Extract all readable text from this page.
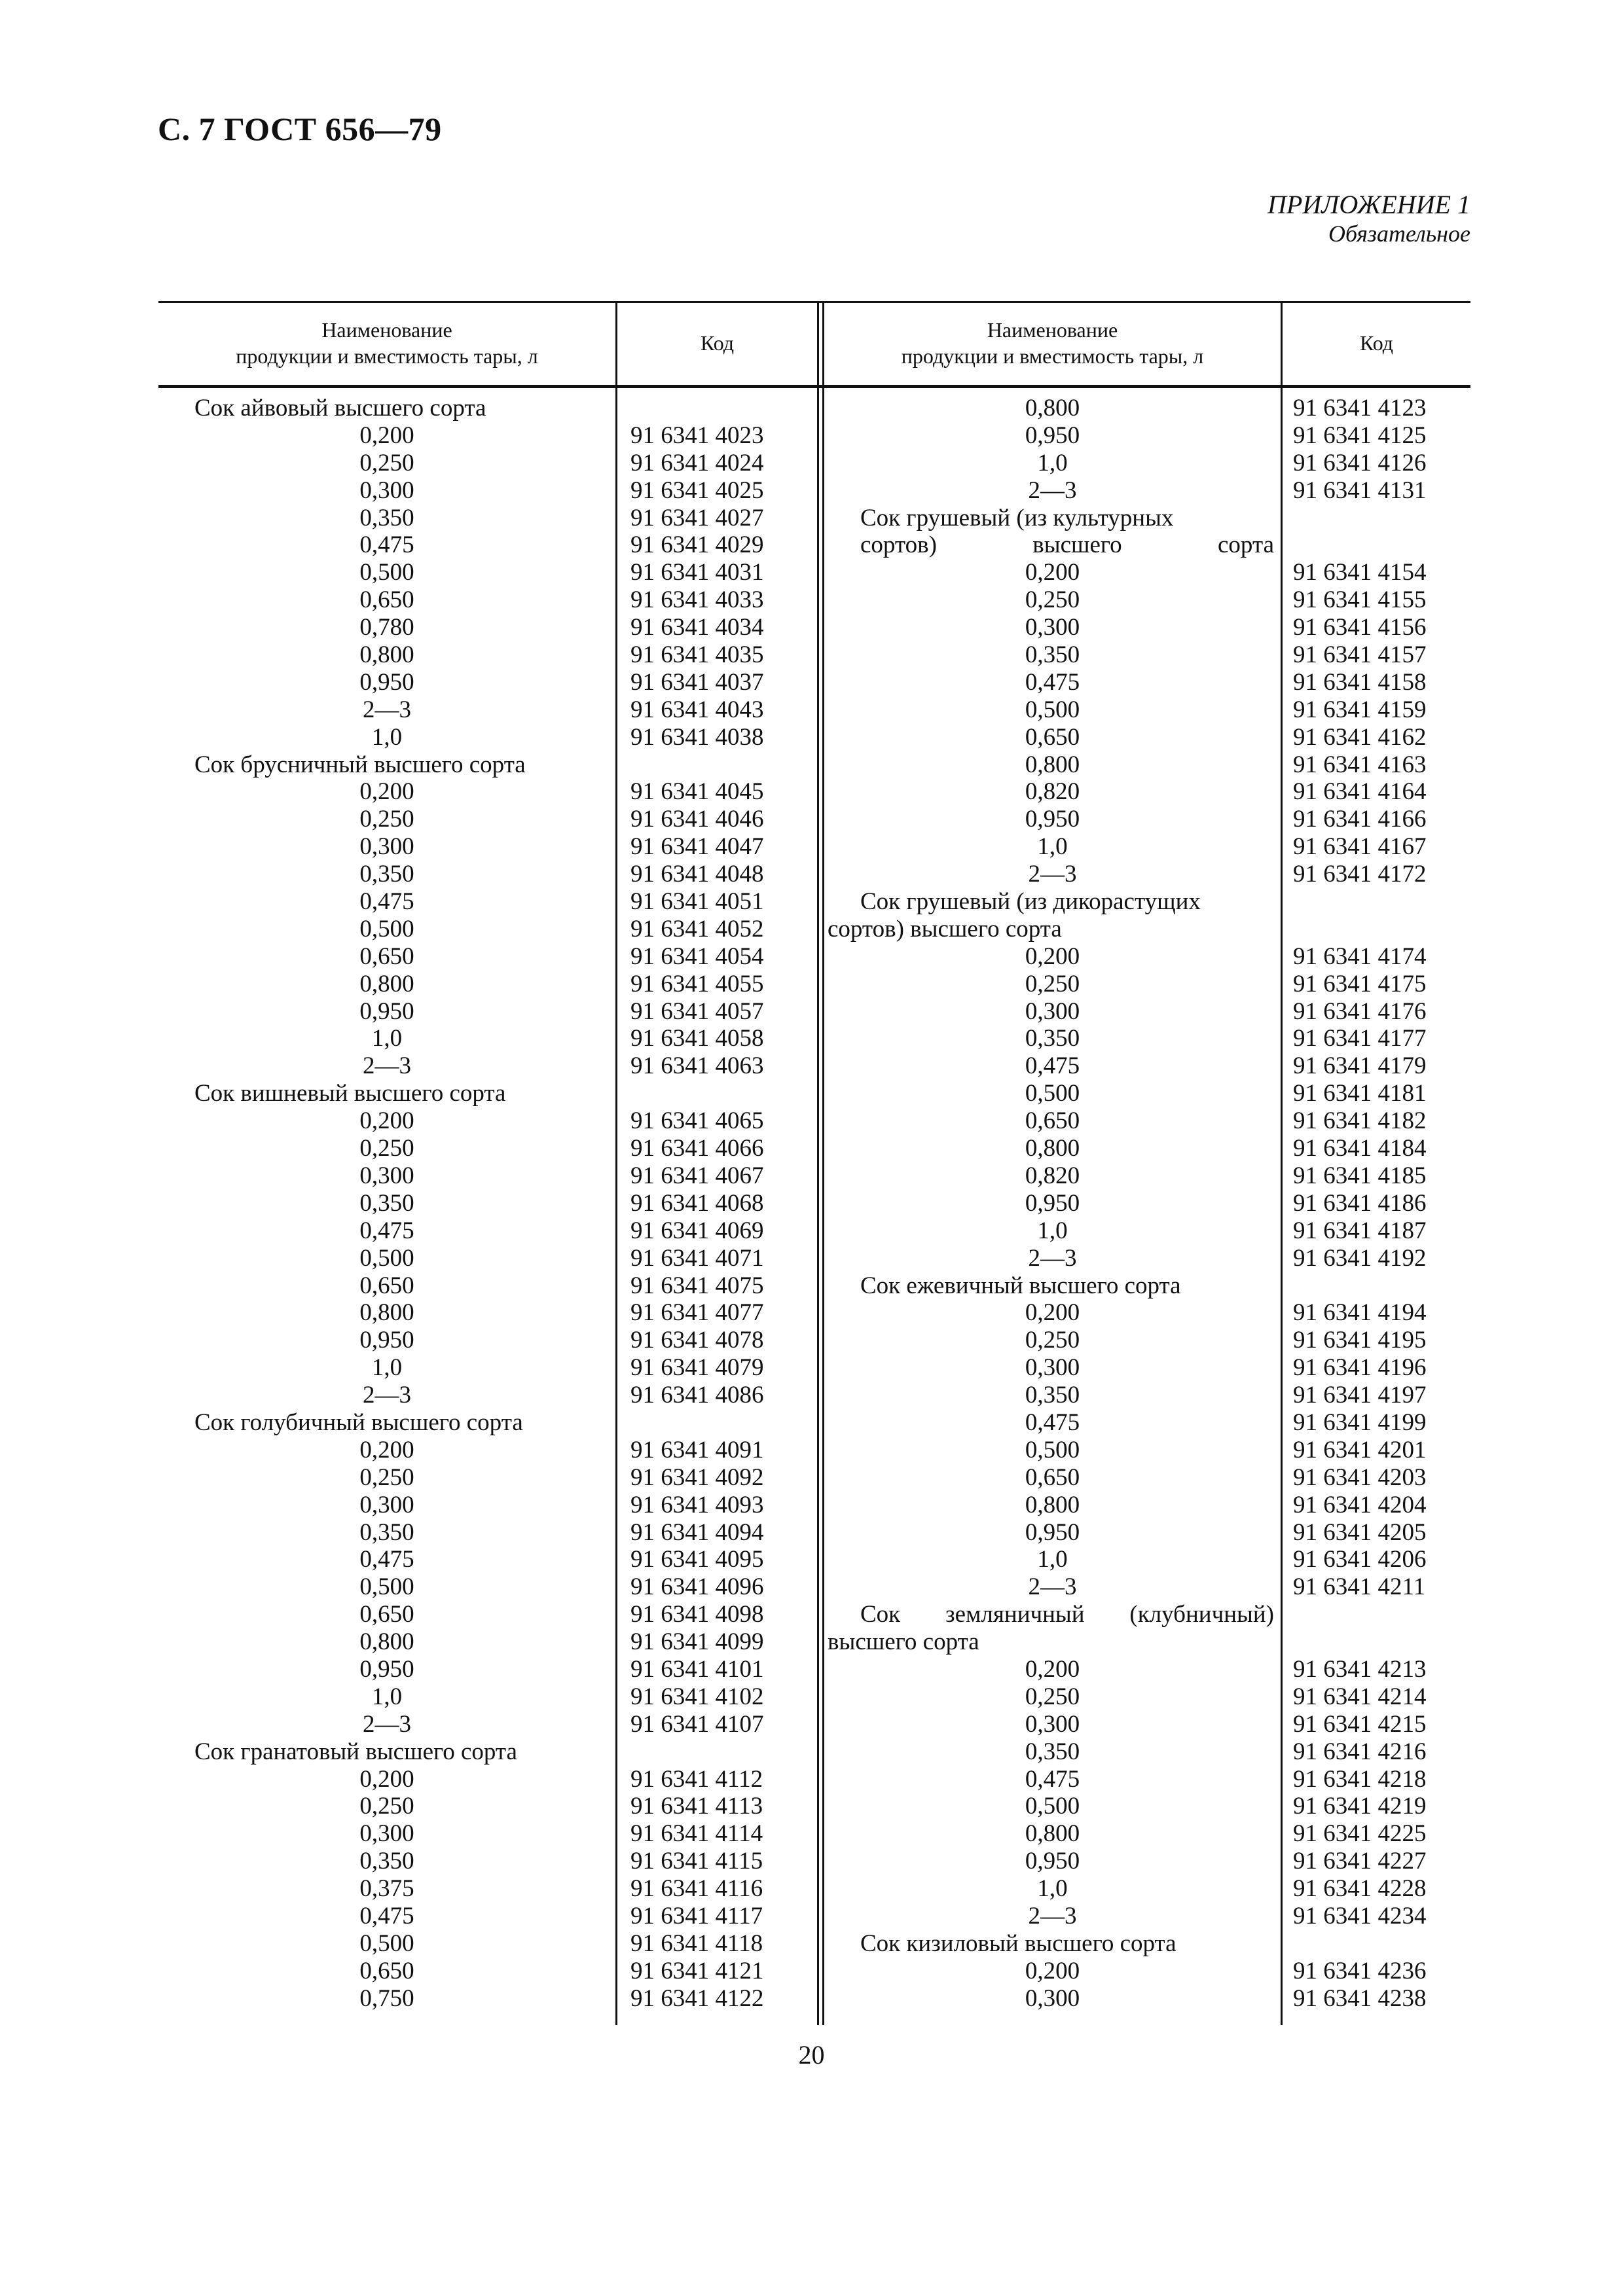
С. 7 ГОСТ 656—79
ПРИЛОЖЕНИЕ 1
Обязательное
Наименование
продукции и вместимость тары, л
Код
Наименование
продукции и вместимость тары, л
Код
Сок айвовый высшего сорта
0,200
0,250
0,300
0,350
0,475
0,500
0,650
0,780
0,800
0,950
2—3
1,0
Сок брусничный высшего сорта
0,200
0,250
0,300
0,350
0,475
0,500
0,650
0,800
0,950
1,0
2—3
Сок вишневый высшего сорта
0,200
0,250
0,300
0,350
0,475
0,500
0,650
0,800
0,950
1,0
2—3
Сок голубичный высшего сорта
0,200
0,250
0,300
0,350
0,475
0,500
0,650
0,800
0,950
1,0
2—3
Сок гранатовый высшего сорта
0,200
0,250
0,300
0,350
0,375
0,475
0,500
0,650
0,750
91 6341 4023
91 6341 4024
91 6341 4025
91 6341 4027
91 6341 4029
91 6341 4031
91 6341 4033
91 6341 4034
91 6341 4035
91 6341 4037
91 6341 4043
91 6341 4038
91 6341 4045
91 6341 4046
91 6341 4047
91 6341 4048
91 6341 4051
91 6341 4052
91 6341 4054
91 6341 4055
91 6341 4057
91 6341 4058
91 6341 4063
91 6341 4065
91 6341 4066
91 6341 4067
91 6341 4068
91 6341 4069
91 6341 4071
91 6341 4075
91 6341 4077
91 6341 4078
91 6341 4079
91 6341 4086
91 6341 4091
91 6341 4092
91 6341 4093
91 6341 4094
91 6341 4095
91 6341 4096
91 6341 4098
91 6341 4099
91 6341 4101
91 6341 4102
91 6341 4107
91 6341 4112
91 6341 4113
91 6341 4114
91 6341 4115
91 6341 4116
91 6341 4117
91 6341 4118
91 6341 4121
91 6341 4122
0,800
0,950
1,0
2—3
Сок грушевый (из культурных
сортов) высшего сорта
0,200
0,250
0,300
0,350
0,475
0,500
0,650
0,800
0,820
0,950
1,0
2—3
Сок грушевый (из дикорастущих
сортов) высшего сорта
0,200
0,250
0,300
0,350
0,475
0,500
0,650
0,800
0,820
0,950
1,0
2—3
Сок ежевичный высшего сорта
0,200
0,250
0,300
0,350
0,475
0,500
0,650
0,800
0,950
1,0
2—3
Сок земляничный (клубничный)
высшего сорта
0,200
0,250
0,300
0,350
0,475
0,500
0,800
0,950
1,0
2—3
Сок кизиловый высшего сорта
0,200
0,300
91 6341 4123
91 6341 4125
91 6341 4126
91 6341 4131
91 6341 4154
91 6341 4155
91 6341 4156
91 6341 4157
91 6341 4158
91 6341 4159
91 6341 4162
91 6341 4163
91 6341 4164
91 6341 4166
91 6341 4167
91 6341 4172
91 6341 4174
91 6341 4175
91 6341 4176
91 6341 4177
91 6341 4179
91 6341 4181
91 6341 4182
91 6341 4184
91 6341 4185
91 6341 4186
91 6341 4187
91 6341 4192
91 6341 4194
91 6341 4195
91 6341 4196
91 6341 4197
91 6341 4199
91 6341 4201
91 6341 4203
91 6341 4204
91 6341 4205
91 6341 4206
91 6341 4211
91 6341 4213
91 6341 4214
91 6341 4215
91 6341 4216
91 6341 4218
91 6341 4219
91 6341 4225
91 6341 4227
91 6341 4228
91 6341 4234
91 6341 4236
91 6341 4238
20
